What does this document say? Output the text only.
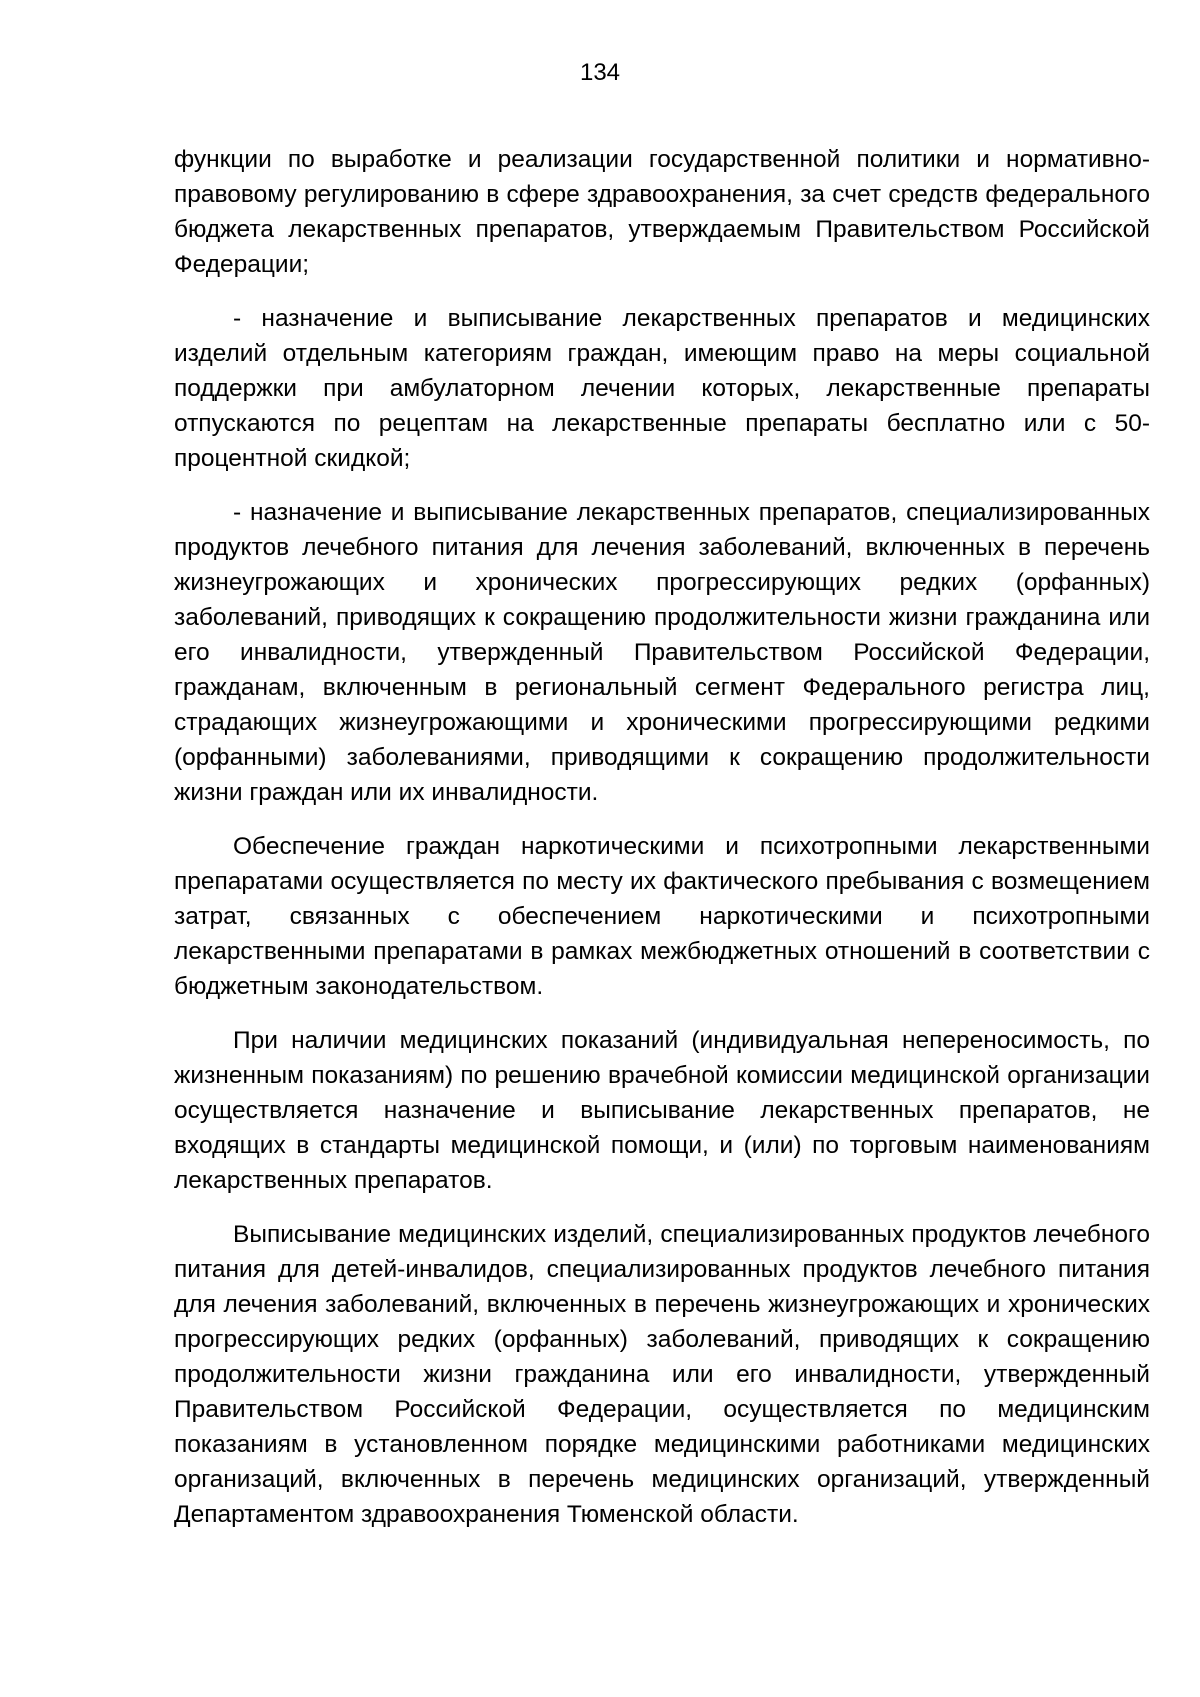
134

функции по выработке и реализации государственной политики и нормативно-правовому регулированию в сфере здравоохранения, за счет средств федерального бюджета лекарственных препаратов, утверждаемым Правительством Российской Федерации;

- назначение и выписывание лекарственных препаратов и медицинских изделий отдельным категориям граждан, имеющим право на меры социальной поддержки при амбулаторном лечении которых, лекарственные препараты отпускаются по рецептам на лекарственные препараты бесплатно или с 50-процентной скидкой;

- назначение и выписывание лекарственных препаратов, специализированных продуктов лечебного питания для лечения заболеваний, включенных в перечень жизнеугрожающих и хронических прогрессирующих редких (орфанных) заболеваний, приводящих к сокращению продолжительности жизни гражданина или его инвалидности, утвержденный Правительством Российской Федерации, гражданам, включенным в региональный сегмент Федерального регистра лиц, страдающих жизнеугрожающими и хроническими прогрессирующими редкими (орфанными) заболеваниями, приводящими к сокращению продолжительности жизни граждан или их инвалидности.

Обеспечение граждан наркотическими и психотропными лекарственными препаратами осуществляется по месту их фактического пребывания с возмещением затрат, связанных с обеспечением наркотическими и психотропными лекарственными препаратами в рамках межбюджетных отношений в соответствии с бюджетным законодательством.

При наличии медицинских показаний (индивидуальная непереносимость, по жизненным показаниям) по решению врачебной комиссии медицинской организации осуществляется назначение и выписывание лекарственных препаратов, не входящих в стандарты медицинской помощи, и (или) по торговым наименованиям лекарственных препаратов.

Выписывание медицинских изделий, специализированных продуктов лечебного питания для детей-инвалидов, специализированных продуктов лечебного питания для лечения заболеваний, включенных в перечень жизнеугрожающих и хронических прогрессирующих редких (орфанных) заболеваний, приводящих к сокращению продолжительности жизни гражданина или его инвалидности, утвержденный Правительством Российской Федерации, осуществляется по медицинским показаниям в установленном порядке медицинскими работниками медицинских организаций, включенных в перечень медицинских организаций, утвержденный Департаментом здравоохранения Тюменской области.
